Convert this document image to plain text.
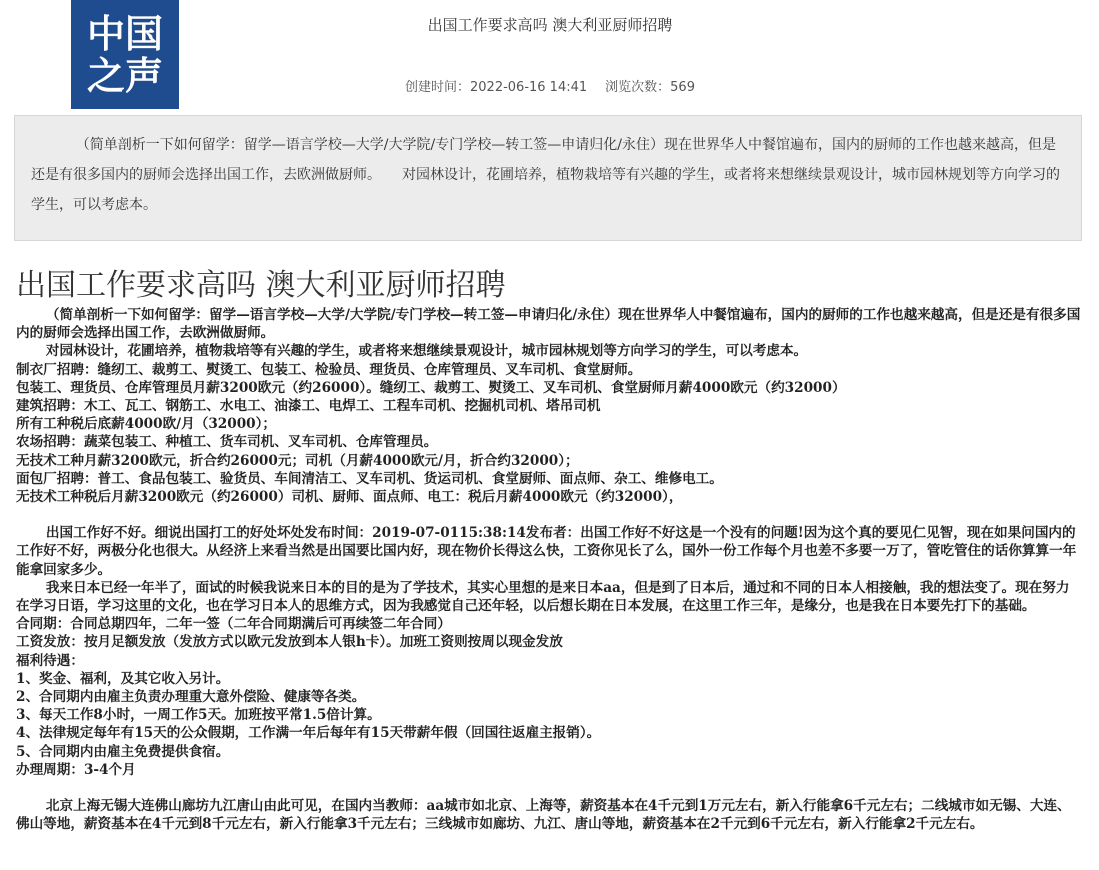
中国
之声
出国工作要求高吗 澳大利亚厨师招聘
创建时间：2022-06-16 14:41 浏览次数：569

（简单剖析一下如何留学：留学—语言学校—大学/大学院/专门学校—转工签—申请归化/永住）现在世界华人中餐馆遍布，国内的厨师的工作也越来越高，但是还是有很多国内的厨师会选择出国工作，去欧洲做厨师。　　对园林设计，花圃培养，植物栽培等有兴趣的学生，或者将来想继续景观设计，城市园林规划等方向学习的学生，可以考虑本。

出国工作要求高吗 澳大利亚厨师招聘
（简单剖析一下如何留学：留学—语言学校—大学/大学院/专门学校—转工签—申请归化/永住）现在世界华人中餐馆遍布，国内的厨师的工作也越来越高，但是还是有很多国内的厨师会选择出国工作，去欧洲做厨师。
对园林设计，花圃培养，植物栽培等有兴趣的学生，或者将来想继续景观设计，城市园林规划等方向学习的学生，可以考虑本。
制衣厂招聘：缝纫工、裁剪工、熨烫工、包装工、检验员、理货员、仓库管理员、叉车司机、食堂厨师。
包装工、理货员、仓库管理员月薪3200欧元（约26000）。缝纫工、裁剪工、熨烫工、叉车司机、食堂厨师月薪4000欧元（约32000）
建筑招聘：木工、瓦工、钢筋工、水电工、油漆工、电焊工、工程车司机、挖掘机司机、塔吊司机
所有工种税后底薪4000欧/月（32000）；
农场招聘：蔬菜包装工、种植工、货车司机、叉车司机、仓库管理员。
无技术工种月薪3200欧元，折合约26000元；司机（月薪4000欧元/月，折合约32000）；
面包厂招聘：普工、食品包装工、验货员、车间清洁工、叉车司机、货运司机、食堂厨师、面点师、杂工、维修电工。
无技术工种税后月薪3200欧元（约26000）司机、厨师、面点师、电工：税后月薪4000欧元（约32000），
出国工作好不好。细说出国打工的好处坏处发布时间：2019-07-0115:38:14发布者：出国工作好不好这是一个没有的问题!因为这个真的要见仁见智，现在如果问国内的工作好不好，两极分化也很大。从经济上来看当然是出国要比国内好，现在物价长得这么快，工资你见长了么，国外一份工作每个月也差不多要一万了，管吃管住的话你算算一年能拿回家多少。
我来日本已经一年半了，面试的时候我说来日本的目的是为了学技术，其实心里想的是来日本aa，但是到了日本后，通过和不同的日本人相接触，我的想法变了。现在努力在学习日语，学习这里的文化，也在学习日本人的思维方式，因为我感觉自己还年轻，以后想长期在日本发展，在这里工作三年，是缘分，也是我在日本要先打下的基础。
合同期：合同总期四年，二年一签（二年合同期满后可再续签二年合同）
工资发放：按月足额发放（发放方式以欧元发放到本人银h卡）。加班工资则按周以现金发放
福利待遇：
1、奖金、福利，及其它收入另计。
2、合同期内由雇主负责办理重大意外偿险、健康等各类。
3、每天工作8小时，一周工作5天。加班按平常1.5倍计算。
4、法律规定每年有15天的公众假期，工作满一年后每年有15天带薪年假（回国往返雇主报销）。
5、合同期内由雇主免费提供食宿。
办理周期：3-4个月
北京上海无锡大连佛山廊坊九江唐山由此可见，在国内当教师：aa城市如北京、上海等，薪资基本在4千元到1万元左右，新入行能拿6千元左右；二线城市如无锡、大连、佛山等地，薪资基本在4千元到8千元左右，新入行能拿3千元左右；三线城市如廊坊、九江、唐山等地，薪资基本在2千元到6千元左右，新入行能拿2千元左右。
